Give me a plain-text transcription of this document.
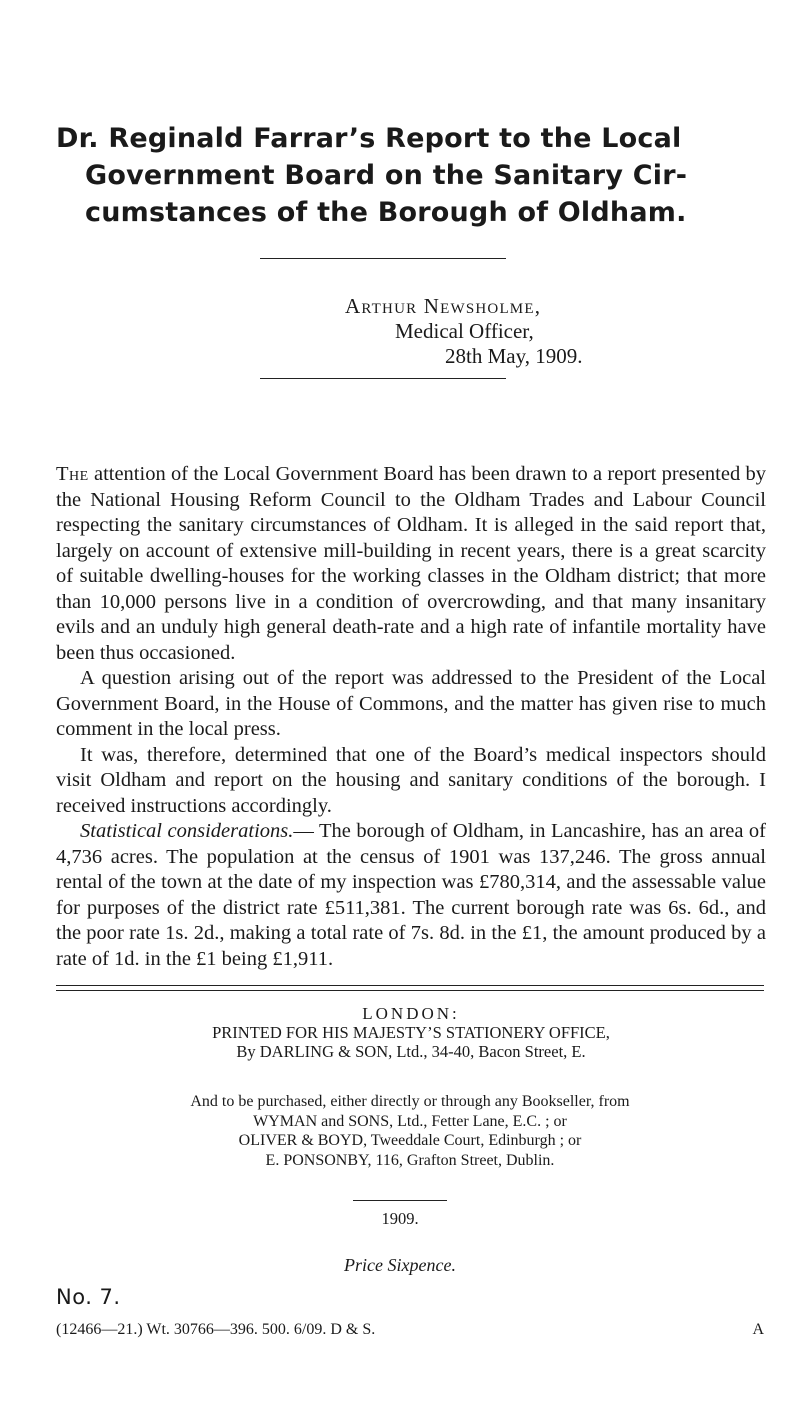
Dr. Reginald Farrar’s Report to the Local
Government Board on the Sanitary Cir-
cumstances of the Borough of Oldham.
Arthur Newsholme,
Medical Officer,
28th May, 1909.

The attention of the Local Government Board has been drawn to a report presented by the National Housing Reform Council to the Oldham Trades and Labour Council respecting the sanitary circumstances of Oldham. It is alleged in the said report that, largely on account of extensive mill-building in recent years, there is a great scarcity of suitable dwelling-houses for the working classes in the Oldham district; that more than 10,000 persons live in a condition of overcrowding, and that many insanitary evils and an unduly high general death-rate and a high rate of infantile mortality have been thus occasioned.

A question arising out of the report was addressed to the President of the Local Government Board, in the House of Commons, and the matter has given rise to much comment in the local press.

It was, therefore, determined that one of the Board’s medical inspectors should visit Oldham and report on the housing and sanitary conditions of the borough. I received instructions accordingly.

Statistical considerations.— The borough of Oldham, in Lancashire, has an area of 4,736 acres. The population at the census of 1901 was 137,246. The gross annual rental of the town at the date of my inspection was £780,314, and the assessable value for purposes of the district rate £511,381. The current borough rate was 6s. 6d., and the poor rate 1s. 2d., making a total rate of 7s. 8d. in the £1, the amount produced by a rate of 1d. in the £1 being £1,911.

LONDON:
PRINTED FOR HIS MAJESTY’S STATIONERY OFFICE,
By DARLING & SON, Ltd., 34-40, Bacon Street, E.
And to be purchased, either directly or through any Bookseller, from
WYMAN and SONS, Ltd., Fetter Lane, E.C. ; or
OLIVER & BOYD, Tweeddale Court, Edinburgh ; or
E. PONSONBY, 116, Grafton Street, Dublin.
1909.
Price Sixpence.
No. 7.
(12466—21.) Wt. 30766—396. 500. 6/09. D & S.	A
